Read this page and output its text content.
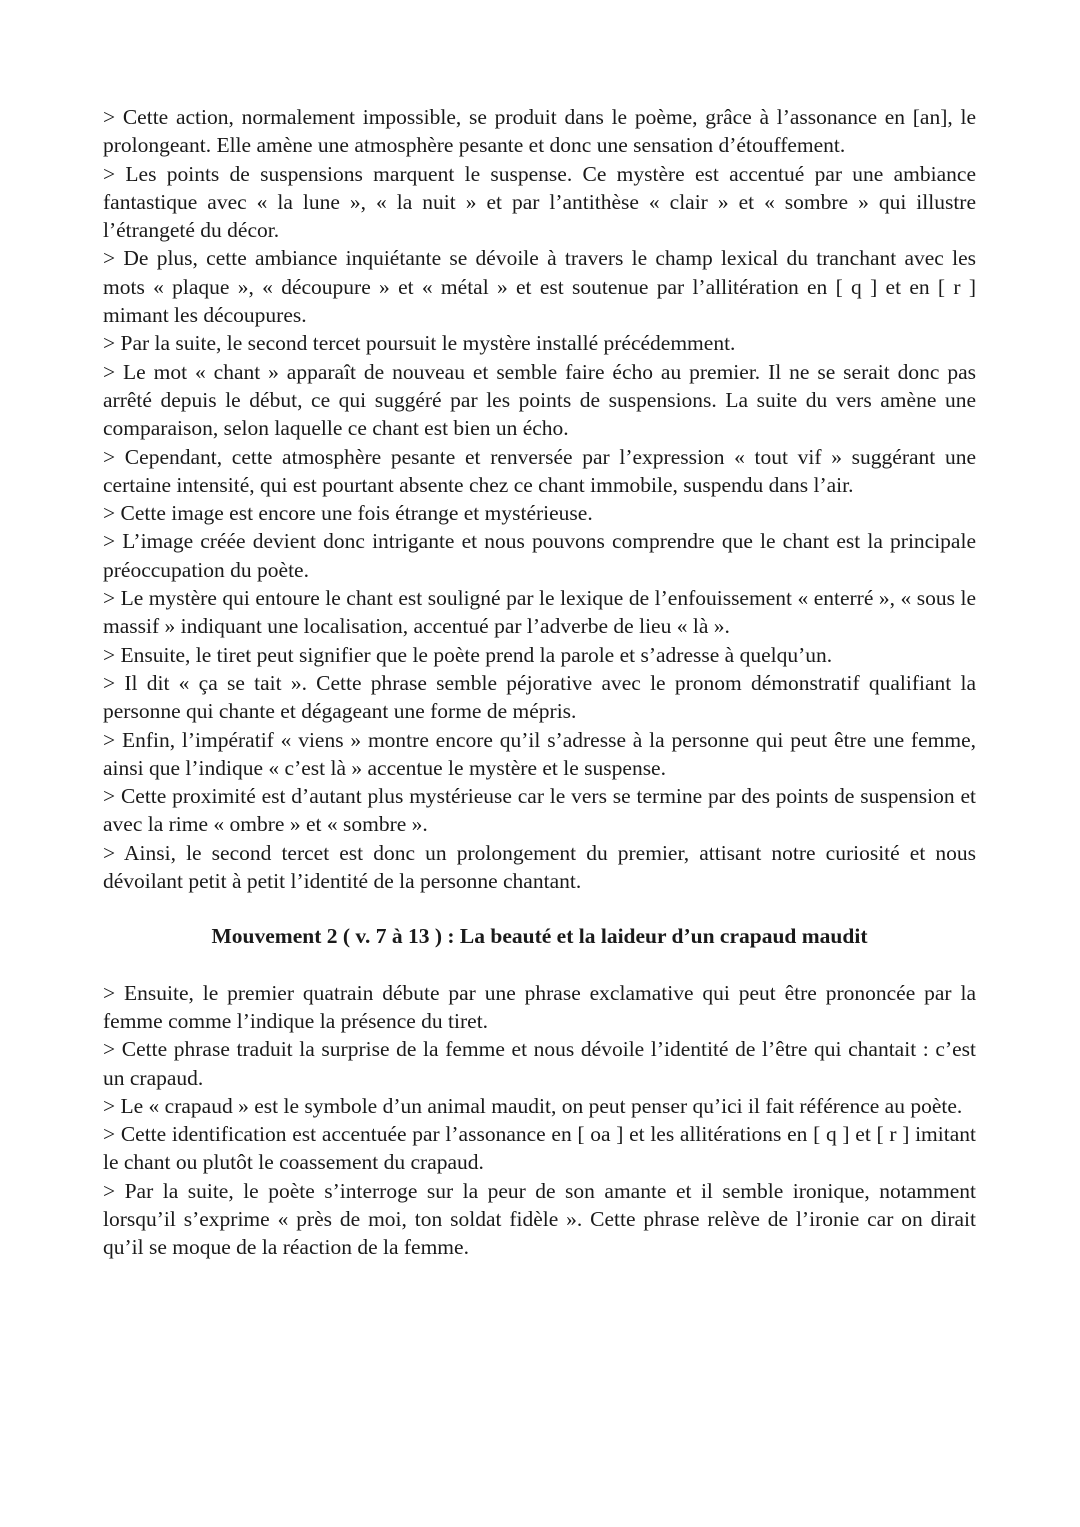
> Cette action, normalement impossible, se produit dans le poème, grâce à l’assonance en [an], le prolongeant. Elle amène une atmosphère pesante et donc une sensation d’étouffement.

> Les points de suspensions marquent le suspense. Ce mystère est accentué par une ambiance fantastique avec « la lune », « la nuit » et par l’antithèse « clair » et « sombre » qui illustre l’étrangeté du décor.

> De plus, cette ambiance inquiétante se dévoile à travers le champ lexical du tranchant avec les mots « plaque », « découpure » et « métal » et est soutenue par l’allitération en [ q ] et en [ r ] mimant les découpures.

> Par la suite, le second tercet poursuit le mystère installé précédemment.

> Le mot « chant » apparaît de nouveau et semble faire écho au premier. Il ne se serait donc pas arrêté depuis le début, ce qui suggéré par les points de suspensions. La suite du vers amène une comparaison, selon laquelle ce chant est bien un écho.

> Cependant, cette atmosphère pesante et renversée par l’expression « tout vif » suggérant une certaine intensité, qui est pourtant absente chez ce chant immobile, suspendu dans l’air.

> Cette image est encore une fois étrange et mystérieuse.

> L’image créée devient donc intrigante et nous pouvons comprendre que le chant est la principale préoccupation du poète.

> Le mystère qui entoure le chant est souligné par le lexique de l’enfouissement « enterré », « sous le massif » indiquant une localisation, accentué par l’adverbe de lieu « là ».

> Ensuite, le tiret peut signifier que le poète prend la parole et s’adresse à quelqu’un.

> Il dit « ça se tait ». Cette phrase semble péjorative avec le pronom démonstratif qualifiant la personne qui chante et dégageant une forme de mépris.

> Enfin, l’impératif « viens » montre encore qu’il s’adresse à la personne qui peut être une femme, ainsi que l’indique « c’est là » accentue le mystère et le suspense.

> Cette proximité est d’autant plus mystérieuse car le vers se termine par des points de suspension et avec la rime « ombre » et « sombre ».

> Ainsi, le second tercet est donc un prolongement du premier, attisant notre curiosité et nous dévoilant petit à petit l’identité de la personne chantant.

Mouvement 2 ( v. 7 à 13 ) : La beauté et la laideur d’un crapaud maudit

> Ensuite, le premier quatrain débute par une phrase exclamative qui peut être prononcée par la femme comme l’indique la présence du tiret.

> Cette phrase traduit la surprise de la femme et nous dévoile l’identité de l’être qui chantait : c’est un crapaud.

> Le « crapaud » est le symbole d’un animal maudit, on peut penser qu’ici il fait référence au poète.

> Cette identification est accentuée par l’assonance en [ oa ] et les allitérations en [ q ] et [ r ] imitant le chant ou plutôt le coassement du crapaud.

> Par la suite, le poète s’interroge sur la peur de son amante et il semble ironique, notamment lorsqu’il s’exprime « près de moi, ton soldat fidèle ». Cette phrase relève de l’ironie car on dirait qu’il se moque de la réaction de la femme.
